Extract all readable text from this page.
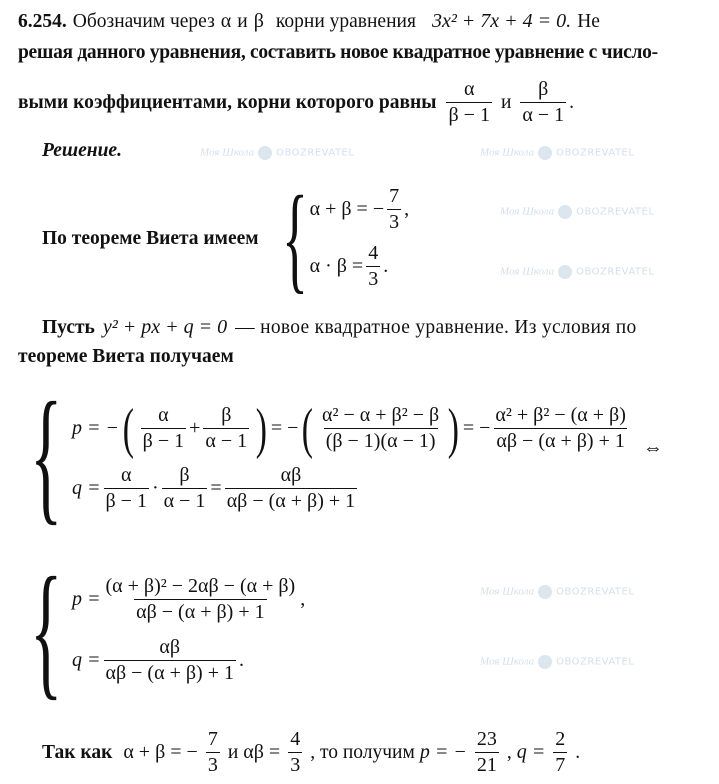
Моя Школа OBOZREVATEL	Моя Школа OBOZREVATEL
Моя Школа OBOZREVATEL
Моя Школа OBOZREVATEL
Моя Школа OBOZREVATEL
Моя Школа OBOZREVATEL
6.254. Обозначим через α и β корни уравнения 3x² + 7x + 4 = 0. Не
решая данного уравнения, составить новое квадратное уравнение с число-
выми коэффициентами, корни которого равны $\frac{\alpha}{\beta - 1}$ и $\frac{\beta}{\alpha - 1}$ .
Решение.
По теореме Виета имеем { α + β = − $\frac{7}{3}$ ,
$\alpha \cdot \beta = \frac{4}{3}$ .
Пусть y² + px + q = 0 — новое квадратное уравнение. Из условия по
теореме Виета получаем
{ p = − ( $\frac{\alpha}{\beta - 1} + \frac{\beta}{\alpha - 1}$ ) = − ( $\frac{\text{α² − α + β² − β}}{(\beta - 1)(\alpha - 1)}$ ) = − $\frac{\text{α² + β² − (α + β)}}{\alpha\beta - (\alpha + \beta) + 1}$ ⇔
$q = \frac{\alpha}{\beta - 1} \cdot \frac{\beta}{\alpha - 1} = \frac{\alpha\beta}{\alpha\beta - (\alpha + \beta) + 1}$
{ $p = \frac{\text{(α + β)² − 2αβ − (α + β)}}{\alpha\beta - (\alpha + \beta) + 1}$ ,
$q = \frac{\alpha\beta}{\alpha\beta - (\alpha + \beta) + 1}$ .
Так как α + β = − $\frac{7}{3}$ и $\alpha\beta = \frac{4}{3}$ , то получим p = − $\frac{23}{21}$ , $q = \frac{2}{7}$ .
